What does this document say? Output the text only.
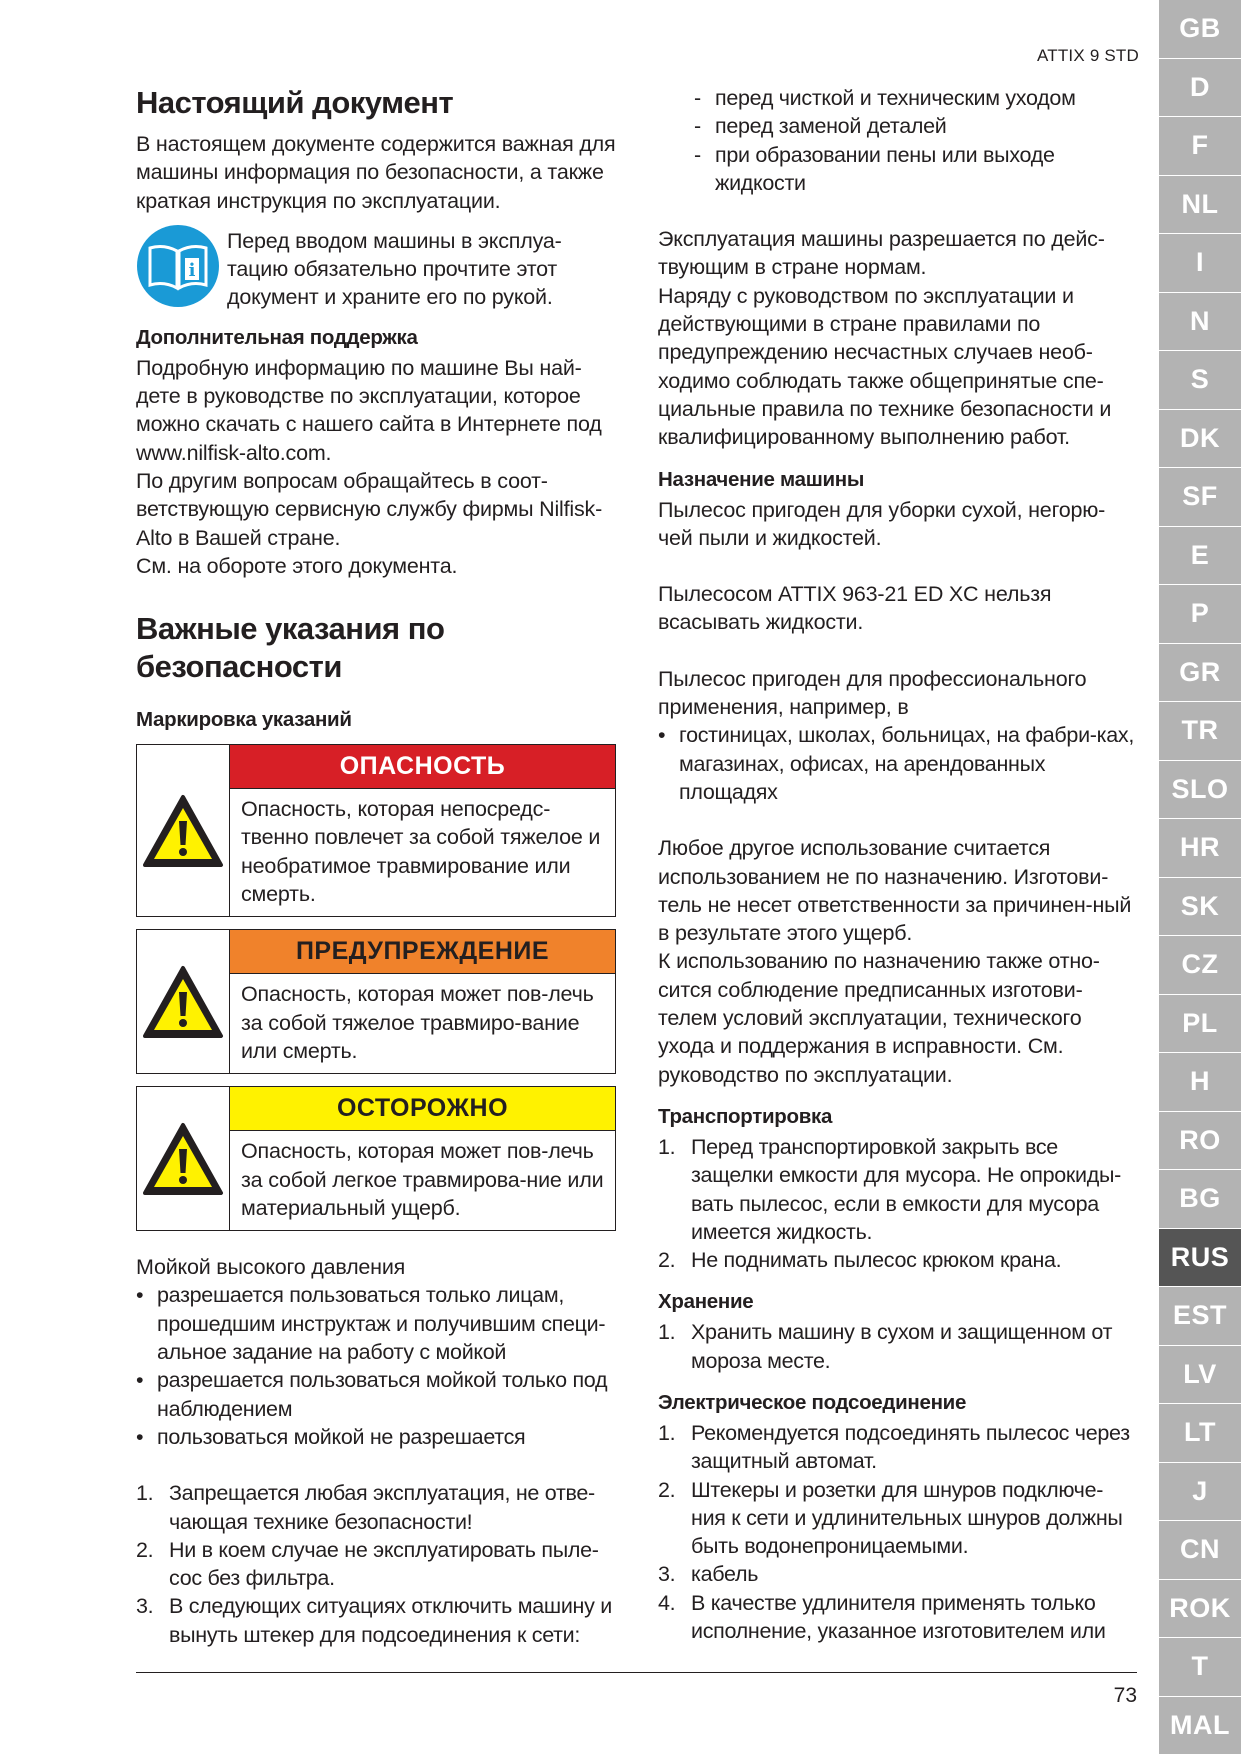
ATTIX 9 STD
Настоящий документ

В настоящем документе содержится важная для машины информация по безопасности, а также краткая инструкция по эксплуатации.

i

Перед вводом машины в эксплуа-тацию обязательно прочтите этот документ и храните его по рукой.

Дополнительная поддержка

Подробную информацию по машине Вы най-дете в руководстве по эксплуатации, которое можно скачать с нашего сайта в Интернете под www.nilfisk-alto.com.

По другим вопросам обращайтесь в соот-ветствующую сервисную службу фирмы Nilfisk-Alto в Вашей стране.

См. на обороте этого документа.

Важные указания по безопасности
Маркировка указаний
ОПАСНОСТЬ
Опасность, которая непосредс-твенно повлечет за собой тяжелое и необратимое травмирование или смерть.
ПРЕДУПРЕЖДЕНИЕ
Опасность, которая может пов-лечь за собой тяжелое травмиро-вание или смерть.
ОСТОРОЖНО
Опасность, которая может пов-лечь за собой легкое травмирова-ние или материальный ущерб.

Мойкой высокого давления

• разрешается пользоваться только лицам, прошедшим инструктаж и получившим специ-альное задание на работу с мойкой
• разрешается пользоваться мойкой только под наблюдением
• пользоваться мойкой не разрешается
1. Запрещается любая эксплуатация, не отве-чающая технике безопасности!
2. Ни в коем случае не эксплуатировать пыле-сос без фильтра.
3. В следующих ситуациях отключить машину и вынуть штекер для подсоединения к сети:
- перед чисткой и техническим уходом
- перед заменой деталей
- при образовании пены или выходе жидкости

Эксплуатация машины разрешается по дейс-твующим в стране нормам.

Наряду с руководством по эксплуатации и действующими в стране правилами по предупреждению несчастных случаев необ-ходимо соблюдать также общепринятые спе-циальные правила по технике безопасности и квалифицированному выполнению работ.

Назначение машины

Пылесос пригоден для уборки сухой, негорю-чей пыли и жидкостей.

Пылесосом ATTIX 963-21 ED XC нельзя всасывать жидкости.

Пылесос пригоден для профессионального применения, например, в

• гостиницах, школах, больницах, на фабри-ках, магазинах, офисах, на арендованных площадях

Любое другое использование считается использованием не по назначению. Изготови-тель не несет ответственности за причинен-ный в результате этого ущерб.

К использованию по назначению также отно-сится соблюдение предписанных изготови-телем условий эксплуатации, технического ухода и поддержания в исправности. См. руководство по эксплуатации.

Транспортировка
1. Перед транспортировкой закрыть все защелки емкости для мусора. Не опрокиды-вать пылесос, если в емкости для мусора имеется жидкость.
2. Не поднимать пылесос крюком крана.
Хранение
1. Хранить машину в сухом и защищенном от мороза месте.
Электрическое подсоединение
1. Рекомендуется подсоединять пылесос через защитный автомат.
2. Штекеры и розетки для шнуров подключе-ния к сети и удлинительных шнуров должны быть водонепроницаемыми.
3. кабель
4. В качестве удлинителя применять только исполнение, указанное изготовителем или
73
GB
D
F
NL
I
N
S
DK
SF
E
P
GR
TR
SLO
HR
SK
CZ
PL
H
RO
BG
RUS
EST
LV
LT
J
CN
ROK
T
MAL
